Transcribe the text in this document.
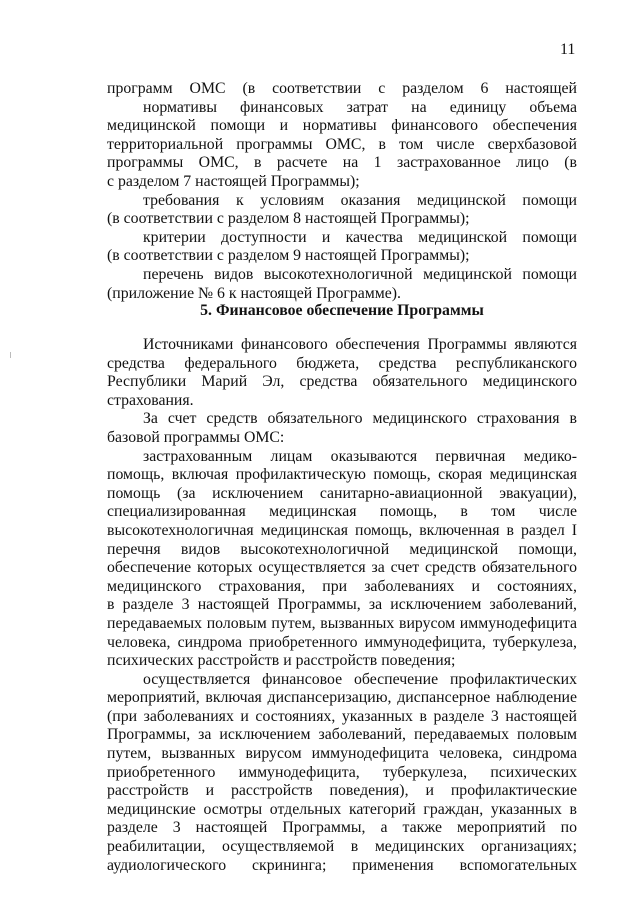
11
программ ОМС (в соответствии с разделом 6 настоящей
нормативы финансовых затрат на единицу объема
медицинской помощи и нормативы финансового обеспечения
территориальной программы ОМС, в том числе сверхбазовой
программы ОМС, в расчете на 1 застрахованное лицо (в
с разделом 7 настоящей Программы);
требования к условиям оказания медицинской помощи
(в соответствии с разделом 8 настоящей Программы);
критерии доступности и качества медицинской помощи
(в соответствии с разделом 9 настоящей Программы);
перечень видов высокотехнологичной медицинской помощи
(приложение № 6 к настоящей Программе).
5. Финансовое обеспечение Программы
Источниками финансового обеспечения Программы являются
средства федерального бюджета, средства республиканского
Республики Марий Эл, средства обязательного медицинского
страхования.
За счет средств обязательного медицинского страхования в
базовой программы ОМС:
застрахованным лицам оказываются первичная медико-
помощь, включая профилактическую помощь, скорая медицинская
помощь (за исключением санитарно-авиационной эвакуации),
специализированная медицинская помощь, в том числе
высокотехнологичная медицинская помощь, включенная в раздел I
перечня видов высокотехнологичной медицинской помощи,
обеспечение которых осуществляется за счет средств обязательного
медицинского страхования, при заболеваниях и состояниях,
в разделе 3 настоящей Программы, за исключением заболеваний,
передаваемых половым путем, вызванных вирусом иммунодефицита
человека, синдрома приобретенного иммунодефицита, туберкулеза,
психических расстройств и расстройств поведения;
осуществляется финансовое обеспечение профилактических
мероприятий, включая диспансеризацию, диспансерное наблюдение
(при заболеваниях и состояниях, указанных в разделе 3 настоящей
Программы, за исключением заболеваний, передаваемых половым
путем, вызванных вирусом иммунодефицита человека, синдрома
приобретенного иммунодефицита, туберкулеза, психических
расстройств и расстройств поведения), и профилактические
медицинские осмотры отдельных категорий граждан, указанных в
разделе 3 настоящей Программы, а также мероприятий по
реабилитации, осуществляемой в медицинских организациях;
аудиологического скрининга; применения вспомогательных
